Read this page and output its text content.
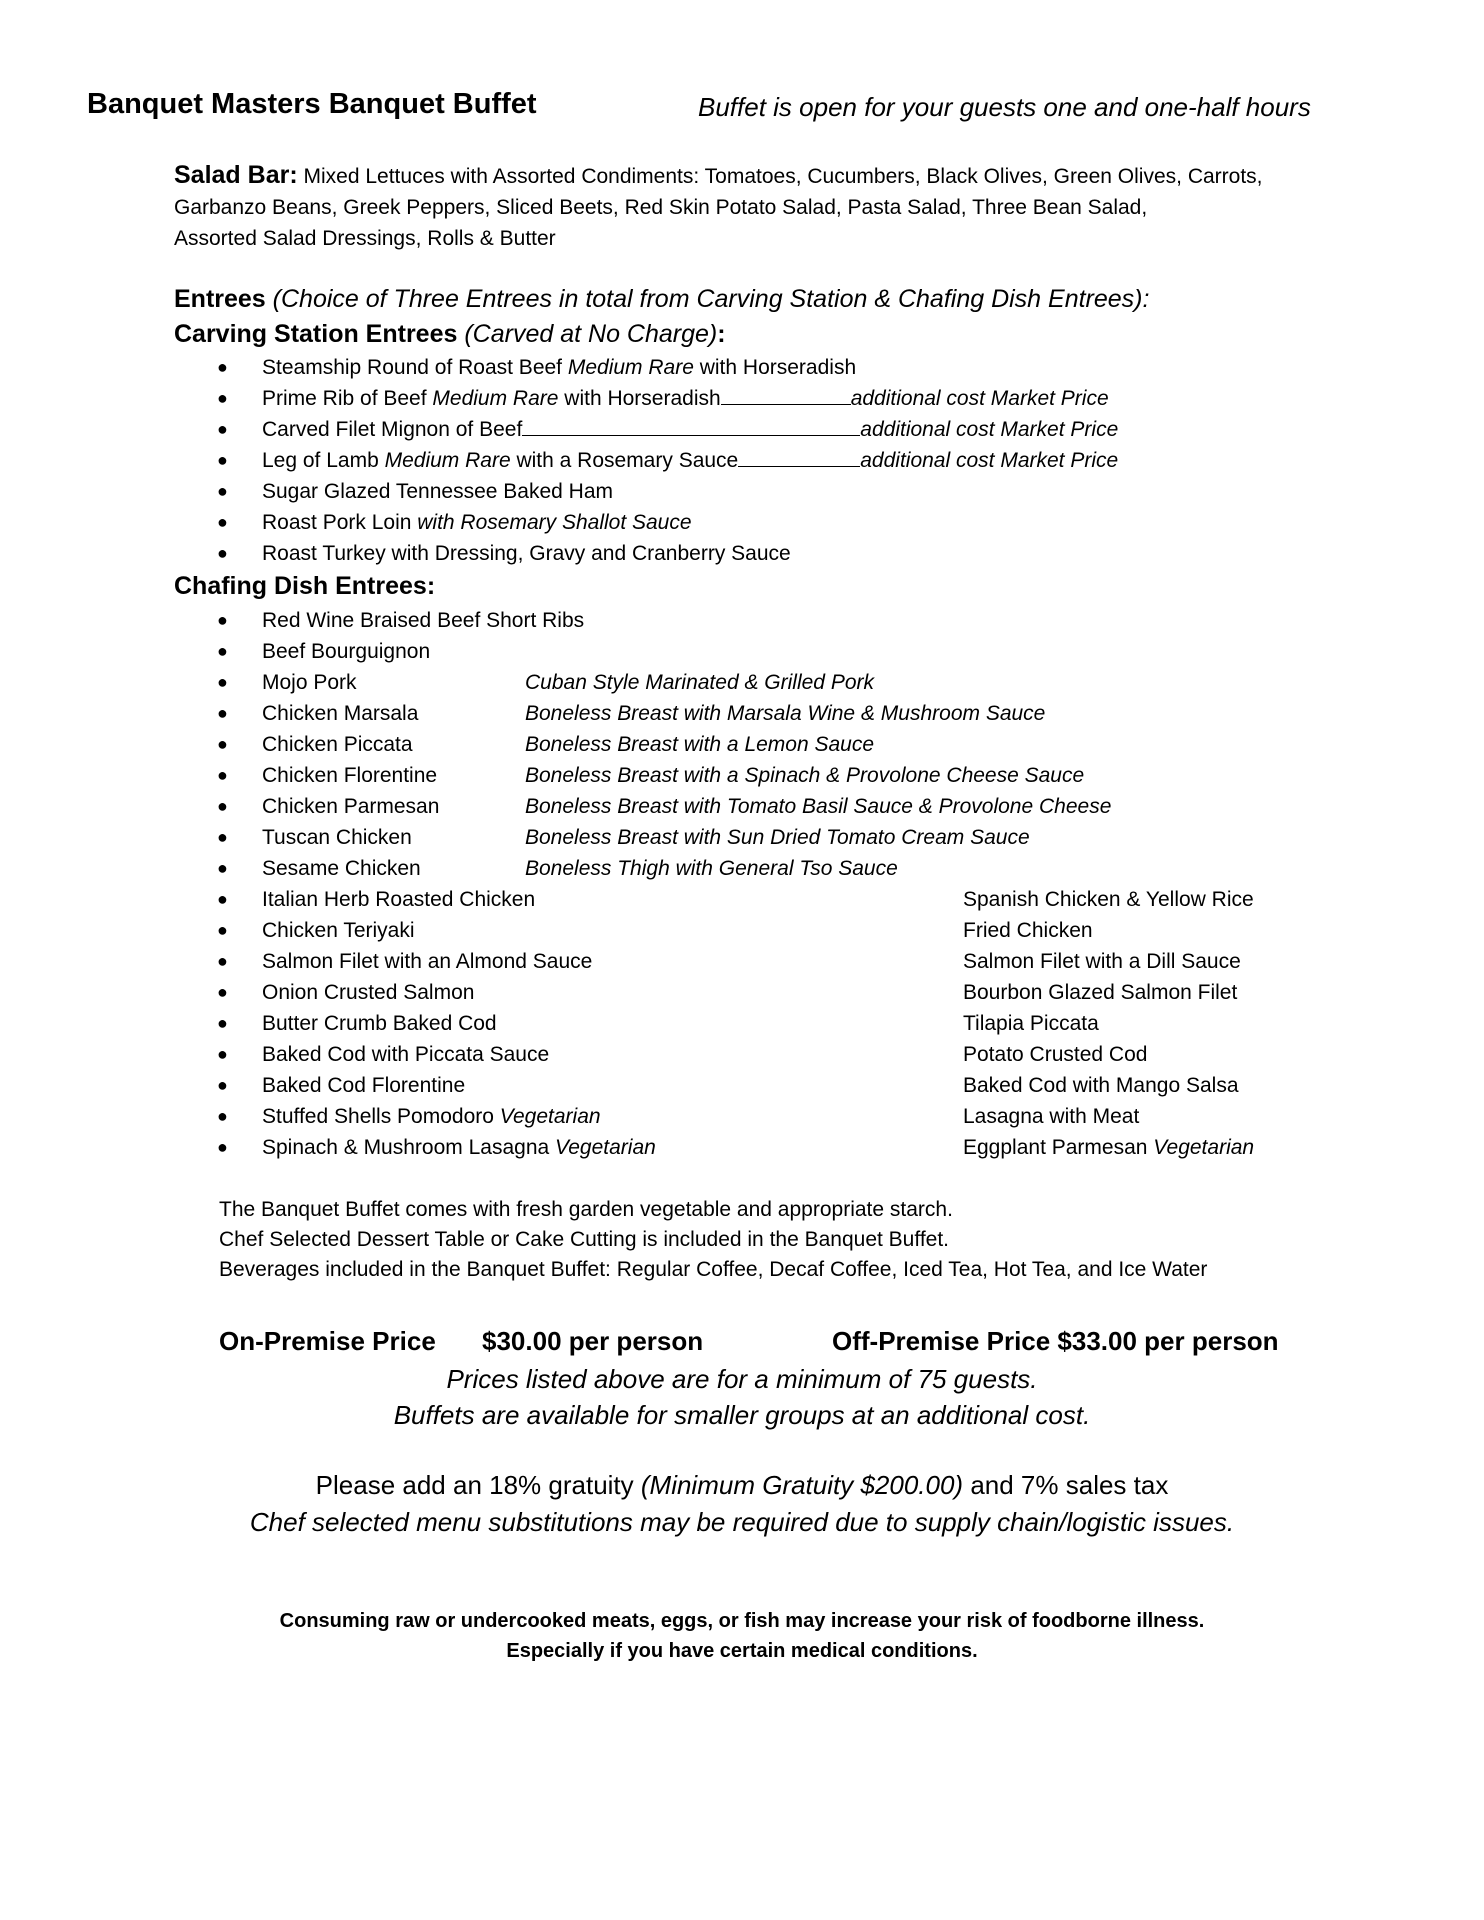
Banquet Masters Banquet Buffet	Buffet is open for your guests one and one-half hours
Salad Bar: Mixed Lettuces with Assorted Condiments: Tomatoes, Cucumbers, Black Olives, Green Olives, Carrots,
Garbanzo Beans, Greek Peppers, Sliced Beets, Red Skin Potato Salad, Pasta Salad, Three Bean Salad,
Assorted Salad Dressings, Rolls & Butter
Entrees (Choice of Three Entrees in total from Carving Station & Chafing Dish Entrees):
Carving Station Entrees (Carved at No Charge):
● Steamship Round of Roast Beef Medium Rare with Horseradish
● Prime Rib of Beef Medium Rare with Horseradish	additional cost Market Price
● Carved Filet Mignon of Beef	additional cost Market Price
● Leg of Lamb Medium Rare with a Rosemary Sauce	additional cost Market Price
● Sugar Glazed Tennessee Baked Ham
● Roast Pork Loin with Rosemary Shallot Sauce
● Roast Turkey with Dressing, Gravy and Cranberry Sauce
Chafing Dish Entrees:
● Red Wine Braised Beef Short Ribs
● Beef Bourguignon
● Mojo Pork	Cuban Style Marinated & Grilled Pork
● Chicken Marsala	Boneless Breast with Marsala Wine & Mushroom Sauce
● Chicken Piccata	Boneless Breast with a Lemon Sauce
● Chicken Florentine	Boneless Breast with a Spinach & Provolone Cheese Sauce
● Chicken Parmesan	Boneless Breast with Tomato Basil Sauce & Provolone Cheese
● Tuscan Chicken	Boneless Breast with Sun Dried Tomato Cream Sauce
● Sesame Chicken	Boneless Thigh with General Tso Sauce
● Italian Herb Roasted Chicken	Spanish Chicken & Yellow Rice
● Chicken Teriyaki	Fried Chicken
● Salmon Filet with an Almond Sauce	Salmon Filet with a Dill Sauce
● Onion Crusted Salmon	Bourbon Glazed Salmon Filet
● Butter Crumb Baked Cod	Tilapia Piccata
● Baked Cod with Piccata Sauce	Potato Crusted Cod
● Baked Cod Florentine	Baked Cod with Mango Salsa
● Stuffed Shells Pomodoro Vegetarian	Lasagna with Meat
● Spinach & Mushroom Lasagna Vegetarian	Eggplant Parmesan Vegetarian
The Banquet Buffet comes with fresh garden vegetable and appropriate starch.
Chef Selected Dessert Table or Cake Cutting is included in the Banquet Buffet.
Beverages included in the Banquet Buffet: Regular Coffee, Decaf Coffee, Iced Tea, Hot Tea, and Ice Water
On-Premise Price $30.00 per person	Off-Premise Price $33.00 per person
Prices listed above are for a minimum of 75 guests.
Buffets are available for smaller groups at an additional cost.
Please add an 18% gratuity (Minimum Gratuity $200.00) and 7% sales tax
Chef selected menu substitutions may be required due to supply chain/logistic issues.
Consuming raw or undercooked meats, eggs, or fish may increase your risk of foodborne illness.
Especially if you have certain medical conditions.
